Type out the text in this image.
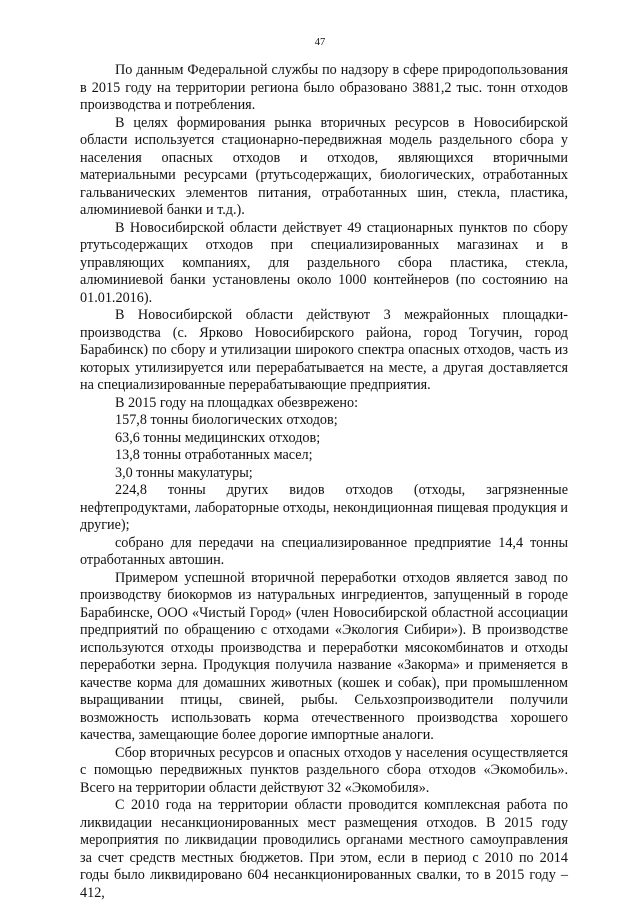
47

По данным Федеральной службы по надзору в сфере природопользования в 2015 году на территории региона было образовано 3881,2 тыс. тонн отходов производства и потребления.

В целях формирования рынка вторичных ресурсов в Новосибирской области используется стационарно-передвижная модель раздельного сбора у населения опасных отходов и отходов, являющихся вторичными материальными ресурсами (ртутьсодержащих, биологических, отработанных гальванических элементов питания, отработанных шин, стекла, пластика, алюминиевой банки и т.д.).

В Новосибирской области действует 49 стационарных пунктов по сбору ртутьсодержащих отходов при специализированных магазинах и в управляющих компаниях, для раздельного сбора пластика, стекла, алюминиевой банки установлены около 1000 контейнеров (по состоянию на 01.01.2016).

В Новосибирской области действуют 3 межрайонных площадки-производства (с. Ярково Новосибирского района, город Тогучин, город Барабинск) по сбору и утилизации широкого спектра опасных отходов, часть из которых утилизируется или перерабатывается на месте, а другая доставляется на специализированные перерабатывающие предприятия.

В 2015 году на площадках обезврежено:

157,8 тонны биологических отходов;

63,6 тонны медицинских отходов;

13,8 тонны отработанных масел;

3,0 тонны макулатуры;

224,8 тонны других видов отходов (отходы, загрязненные нефтепродуктами, лабораторные отходы, некондиционная пищевая продукция и другие);

собрано для передачи на специализированное предприятие 14,4 тонны отработанных автошин.

Примером успешной вторичной переработки отходов является завод по производству биокормов из натуральных ингредиентов, запущенный в городе Барабинске, ООО «Чистый Город» (член Новосибирской областной ассоциации предприятий по обращению с отходами «Экология Сибири»). В производстве используются отходы производства и переработки мясокомбинатов и отходы переработки зерна. Продукция получила название «Закорма» и применяется в качестве корма для домашних животных (кошек и собак), при промышленном выращивании птицы, свиней, рыбы. Сельхозпроизводители получили возможность использовать корма отечественного производства хорошего качества, замещающие более дорогие импортные аналоги.

Сбор вторичных ресурсов и опасных отходов у населения осуществляется с помощью передвижных пунктов раздельного сбора отходов «Экомобиль». Всего на территории области действуют 32 «Экомобиля».

С 2010 года на территории области проводится комплексная работа по ликвидации несанкционированных мест размещения отходов. В 2015 году мероприятия по ликвидации проводились органами местного самоуправления за счет средств местных бюджетов. При этом, если в период с 2010 по 2014 годы было ликвидировано 604 несанкционированных свалки, то в 2015 году – 412,
